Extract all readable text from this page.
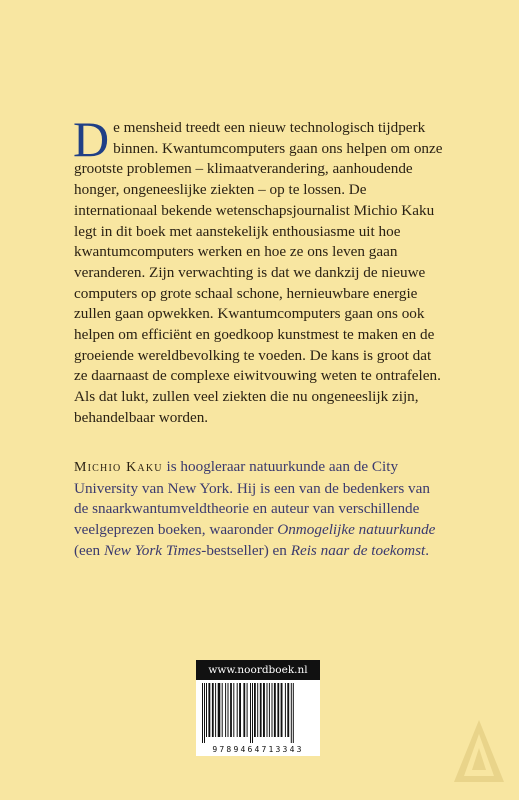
De mensheid treedt een nieuw technologisch tijdperk binnen. Kwantumcomputers gaan ons helpen om onze grootste problemen – klimaatverandering, aanhoudende honger, ongeneeslijke ziekten – op te lossen. De internationaal bekende wetenschapsjournalist Michio Kaku legt in dit boek met aanstekelijk enthousiasme uit hoe kwantumcomputers werken en hoe ze ons leven gaan veranderen. Zijn verwachting is dat we dankzij de nieuwe computers op grote schaal schone, hernieuwbare energie zullen gaan opwekken. Kwantumcomputers gaan ons ook helpen om efficiënt en goedkoop kunstmest te maken en de groeiende wereldbevolking te voeden. De kans is groot dat ze daarnaast de complexe eiwitvouwing weten te ontrafelen. Als dat lukt, zullen veel ziekten die nu ongeneeslijk zijn, behandelbaar worden.

Michio Kaku is hoogleraar natuurkunde aan de City University van New York. Hij is een van de bedenkers van de snaarkwantumveldtheorie en auteur van verschillende veelgeprezen boeken, waaronder Onmogelijke natuurkunde (een New York Times-bestseller) en Reis naar de toekomst.

www.noordboek.nl
9789464713343
